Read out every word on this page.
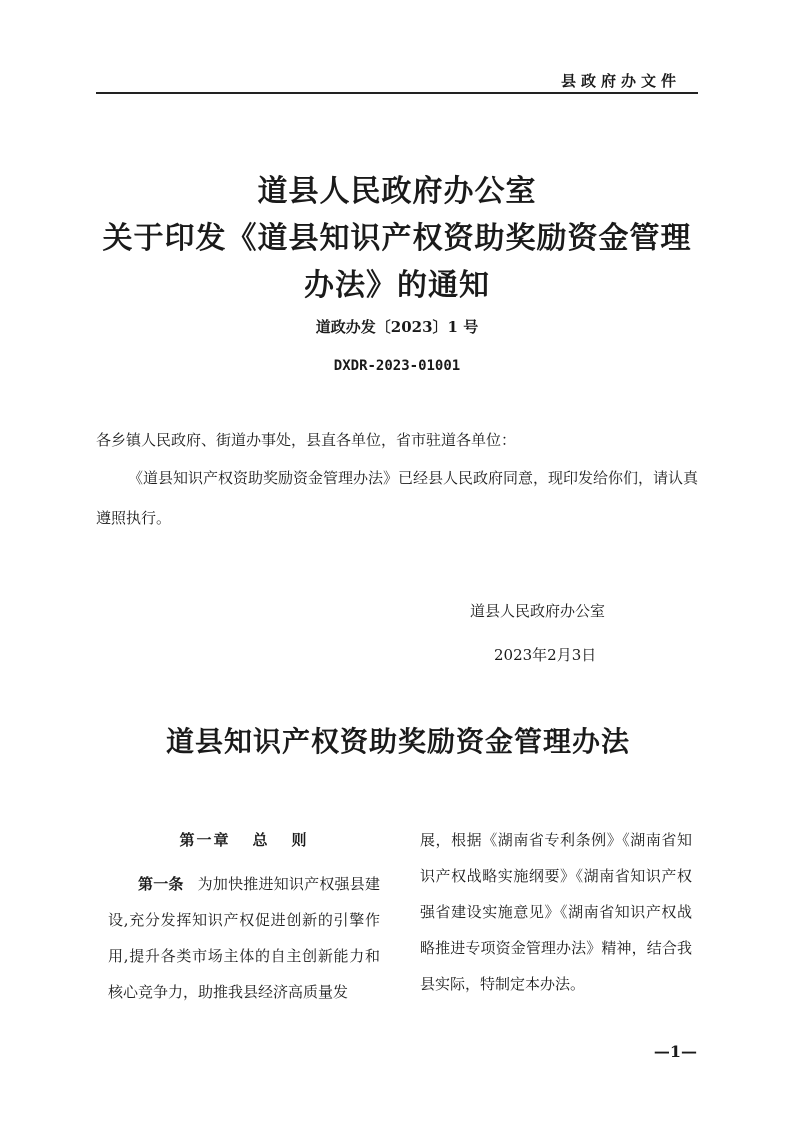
县政府办文件
道县人民政府办公室
关于印发《道县知识产权资助奖励资金管理
办法》的通知
道政办发〔2023〕1 号
DXDR-2023-01001
各乡镇人民政府、街道办事处，县直各单位，省市驻道各单位：
《道县知识产权资助奖励资金管理办法》已经县人民政府同意，现印发给你们，请认真遵照执行。
道县人民政府办公室
2023年2月3日
道县知识产权资助奖励资金管理办法
第一章 总 则
第一条 为加快推进知识产权强县建设,充分发挥知识产权促进创新的引擎作用,提升各类市场主体的自主创新能力和核心竞争力，助推我县经济高质量发

展，根据《湖南省专利条例》《湖南省知识产权战略实施纲要》《湖南省知识产权强省建设实施意见》《湖南省知识产权战略推进专项资金管理办法》精神，结合我县实际，特制定本办法。

—1—
